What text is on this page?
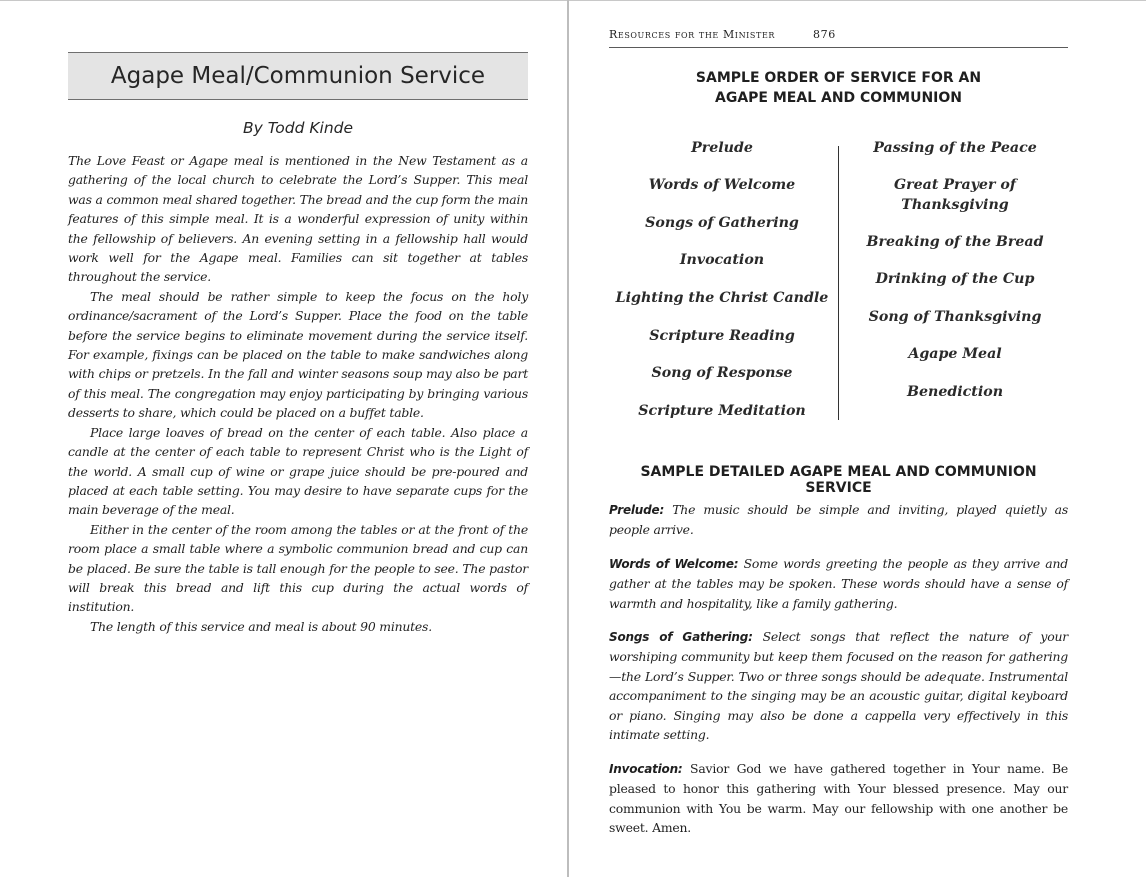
Agape Meal/Communion Service
By Todd Kinde

The Love Feast or Agape meal is mentioned in the New Testament as a gathering of the local church to celebrate the Lord’s Supper. This meal was a common meal shared together. The bread and the cup form the main features of this simple meal. It is a wonderful expression of unity within the fellowship of believers. An evening setting in a fellowship hall would work well for the Agape meal. Families can sit together at tables throughout the service.

The meal should be rather simple to keep the focus on the holy ordinance/sacrament of the Lord’s Supper. Place the food on the table before the service begins to eliminate movement during the service itself. For example, fixings can be placed on the table to make sandwiches along with chips or pretzels. In the fall and winter seasons soup may also be part of this meal. The congregation may enjoy participating by bringing various desserts to share, which could be placed on a buffet table.

Place large loaves of bread on the center of each table. Also place a candle at the center of each table to represent Christ who is the Light of the world. A small cup of wine or grape juice should be pre-poured and placed at each table setting. You may desire to have separate cups for the main beverage of the meal.

Either in the center of the room among the tables or at the front of the room place a small table where a symbolic communion bread and cup can be placed. Be sure the table is tall enough for the people to see. The pastor will break this bread and lift this cup during the actual words of institution.

The length of this service and meal is about 90 minutes.

Resources for the Minister	876
SAMPLE ORDER OF SERVICE FOR AN
AGAPE MEAL AND COMMUNION
Prelude
Words of Welcome
Songs of Gathering
Invocation
Lighting the Christ Candle
Scripture Reading
Song of Response
Scripture Meditation
Passing of the Peace
Great Prayer of Thanksgiving
Breaking of the Bread
Drinking of the Cup
Song of Thanksgiving
Agape Meal
Benediction
SAMPLE DETAILED AGAPE MEAL AND COMMUNION SERVICE
Prelude: The music should be simple and inviting, played quietly as people arrive.
Words of Welcome: Some words greeting the people as they arrive and gather at the tables may be spoken. These words should have a sense of warmth and hospitality, like a family gathering.
Songs of Gathering: Select songs that reflect the nature of your worshiping community but keep them focused on the reason for gathering—the Lord’s Supper. Two or three songs should be adequate. Instrumental accompaniment to the singing may be an acoustic guitar, digital keyboard or piano. Singing may also be done a cappella very effectively in this intimate setting.
Invocation: Savior God we have gathered together in Your name. Be pleased to honor this gathering with Your blessed presence. May our communion with You be warm. May our fellowship with one another be sweet. Amen.
